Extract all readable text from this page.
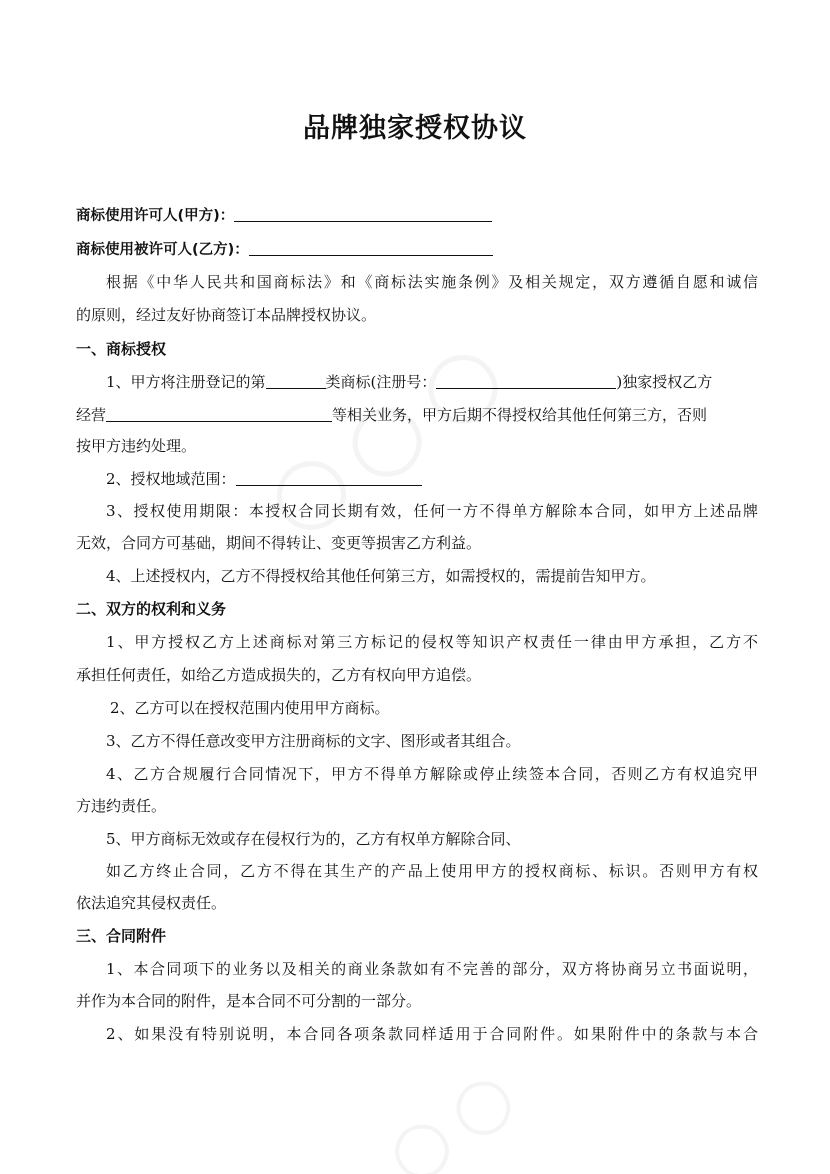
品牌独家授权协议
商标使用许可人(甲方)：
商标使用被许可人(乙方)：
根据《中华人民共和国商标法》和《商标法实施条例》及相关规定，双方遵循自愿和诚信
的原则，经过友好协商签订本品牌授权协议。
一、商标授权
1、甲方将注册登记的第	类商标(注册号：	)独家授权乙方
经营	等相关业务，甲方后期不得授权给其他任何第三方，否则
按甲方违约处理。
2、授权地域范围：
3、授权使用期限：本授权合同长期有效，任何一方不得单方解除本合同，如甲方上述品牌
无效，合同方可基础，期间不得转让、变更等损害乙方利益。
4、上述授权内，乙方不得授权给其他任何第三方，如需授权的，需提前告知甲方。
二、双方的权利和义务
1、甲方授权乙方上述商标对第三方标记的侵权等知识产权责任一律由甲方承担，乙方不
承担任何责任，如给乙方造成损失的，乙方有权向甲方追偿。
2、乙方可以在授权范围内使用甲方商标。
3、乙方不得任意改变甲方注册商标的文字、图形或者其组合。
4、乙方合规履行合同情况下，甲方不得单方解除或停止续签本合同，否则乙方有权追究甲
方违约责任。
5、甲方商标无效或存在侵权行为的，乙方有权单方解除合同、
如乙方终止合同，乙方不得在其生产的产品上使用甲方的授权商标、标识。否则甲方有权
依法追究其侵权责任。
三、合同附件
1、本合同项下的业务以及相关的商业条款如有不完善的部分，双方将协商另立书面说明，
并作为本合同的附件，是本合同不可分割的一部分。
2、如果没有特别说明，本合同各项条款同样适用于合同附件。如果附件中的条款与本合
